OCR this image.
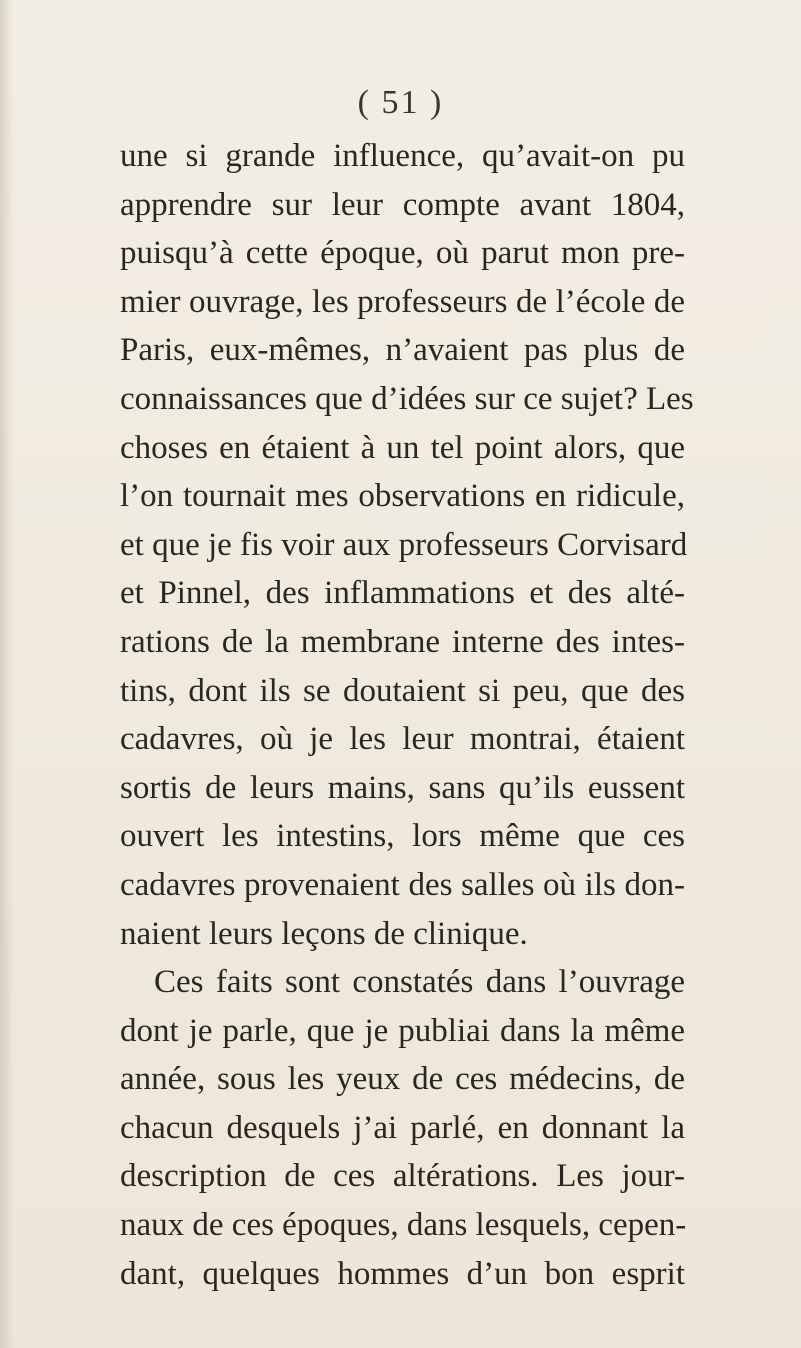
( 51 )
une si grande influence, qu’avait-on pu
apprendre sur leur compte avant 1804,
puisqu’à cette époque, où parut mon pre-
mier ouvrage, les professeurs de l’école de
Paris, eux-mêmes, n’avaient pas plus de
connaissances que d’idées sur ce sujet? Les
choses en étaient à un tel point alors, que
l’on tournait mes observations en ridicule,
et que je fis voir aux professeurs Corvisard
et Pinnel, des inflammations et des alté-
rations de la membrane interne des intes-
tins, dont ils se doutaient si peu, que des
cadavres, où je les leur montrai, étaient
sortis de leurs mains, sans qu’ils eussent
ouvert les intestins, lors même que ces
cadavres provenaient des salles où ils don-
naient leurs leçons de clinique.
Ces faits sont constatés dans l’ouvrage
dont je parle, que je publiai dans la même
année, sous les yeux de ces médecins, de
chacun desquels j’ai parlé, en donnant la
description de ces altérations. Les jour-
naux de ces époques, dans lesquels, cepen-
dant, quelques hommes d’un bon esprit
